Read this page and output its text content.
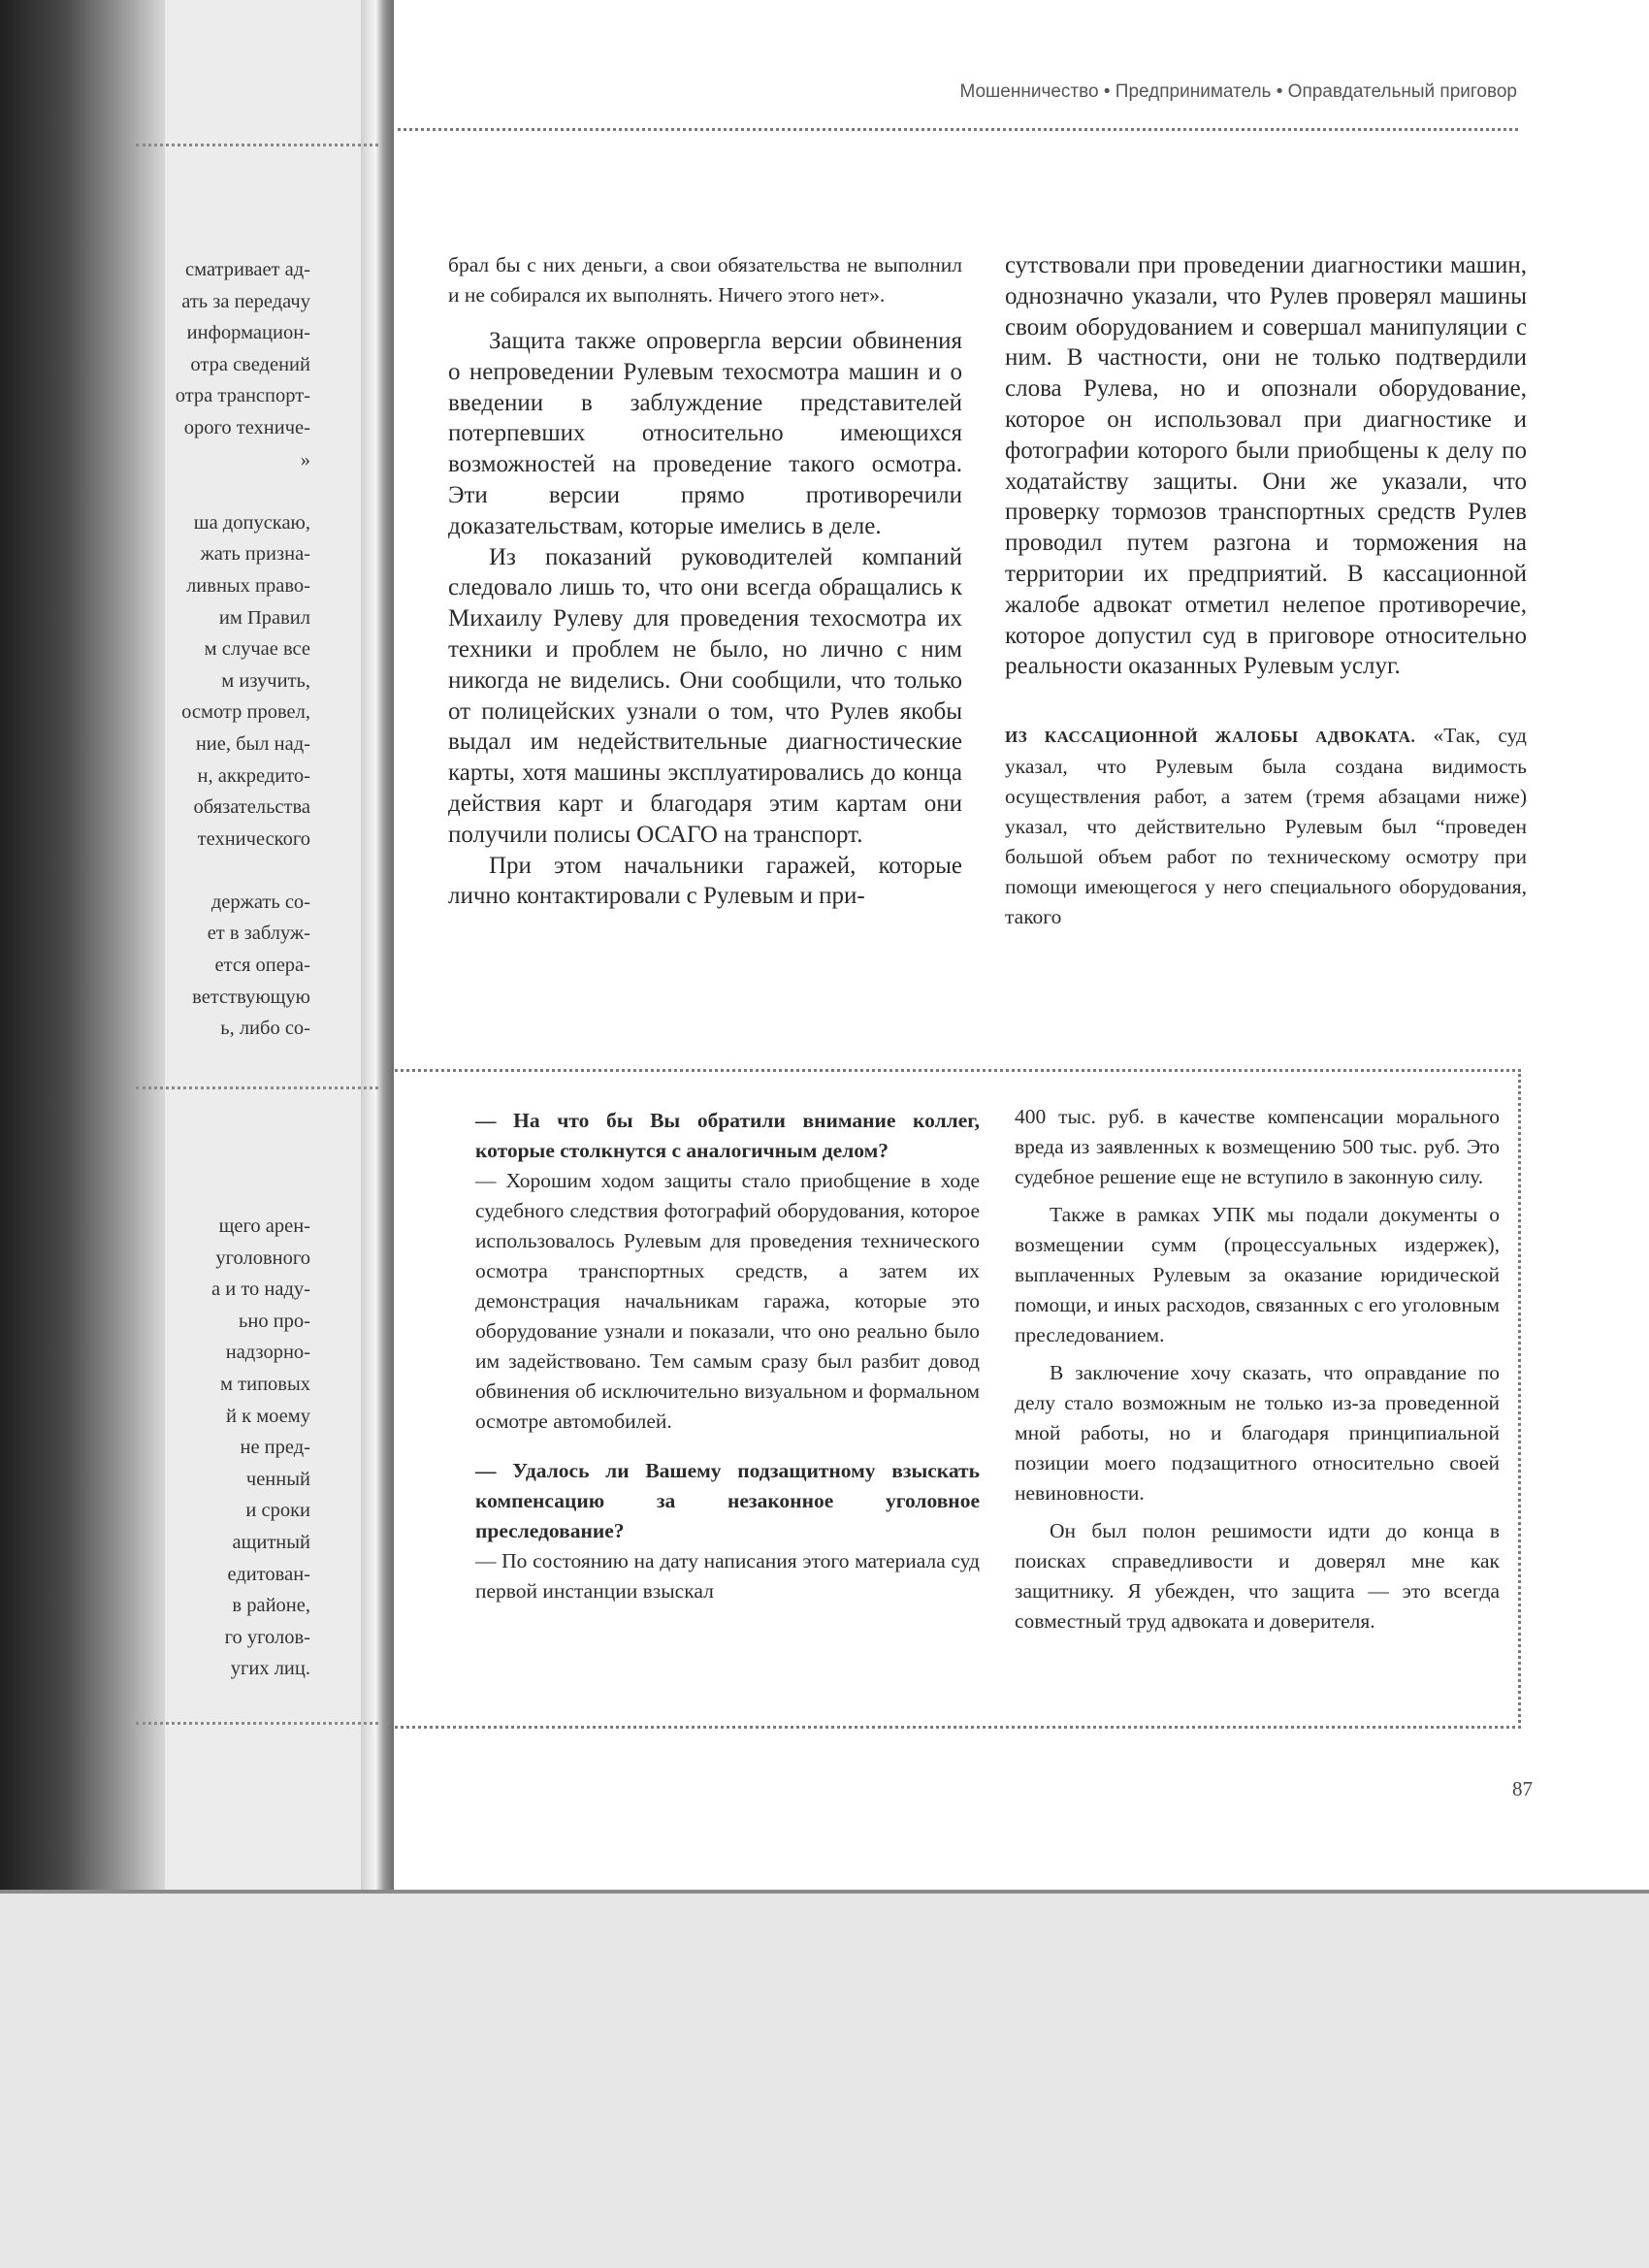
сматривает ад-
ать за передачу
информацион-
отра сведений
отра транспорт-
орого техниче-
»
ша допускаю,
жать призна-
ливных право-
им Правил
м случае все
м изучить,
осмотр провел,
ние, был над-
н, аккредито-
обязательства
технического
держать со-
ет в заблуж-
ется опера-
ветствующую
ь, либо со-
щего арен-
уголовного
а и то наду-
ьно про-
надзорно-
м типовых
й к моему
не пред-
ченный
и сроки
ащитный
едитован-
в районе,
го уголов-
угих лиц.
Мошенничество • Предприниматель • Оправдательный приговор

брал бы с них деньги, а свои обязательства не выполнил и не собирался их выполнять. Ничего этого нет».

Защита также опровергла версии обвинения о непроведении Рулевым техосмотра машин и о введении в заблуждение представителей потерпевших относительно имеющихся возможностей на проведение такого осмотра. Эти версии прямо противоречили доказательствам, которые имелись в деле.

Из показаний руководителей компаний следовало лишь то, что они всегда обращались к Михаилу Рулеву для проведения техосмотра их техники и проблем не было, но лично с ним никогда не виделись. Они сообщили, что только от полицейских узнали о том, что Рулев якобы выдал им недействительные диагностические карты, хотя машины эксплуатировались до конца действия карт и благодаря этим картам они получили полисы ОСАГО на транспорт.

При этом начальники гаражей, которые лично контактировали с Рулевым и при-

сутствовали при проведении диагностики машин, однозначно указали, что Рулев проверял машины своим оборудованием и совершал манипуляции с ним. В частности, они не только подтвердили слова Рулева, но и опознали оборудование, которое он использовал при диагностике и фотографии которого были приобщены к делу по ходатайству защиты. Они же указали, что проверку тормозов транспортных средств Рулев проводил путем разгона и торможения на территории их предприятий. В кассационной жалобе адвокат отметил нелепое противоречие, которое допустил суд в приговоре относительно реальности оказанных Рулевым услуг.

ИЗ КАССАЦИОННОЙ ЖАЛОБЫ АДВОКАТА. «Так, суд указал, что Рулевым была создана видимость осуществления работ, а затем (тремя абзацами ниже) указал, что действительно Рулевым был “проведен большой объем работ по техническому осмотру при помощи имеющегося у него специального оборудования, такого

— На что бы Вы обратили внимание коллег, которые столкнутся с аналогичным делом?

— Хорошим ходом защиты стало приобщение в ходе судебного следствия фотографий оборудования, которое использовалось Рулевым для проведения технического осмотра транспортных средств, а затем их демонстрация начальникам гаража, которые это оборудование узнали и показали, что оно реально было им задействовано. Тем самым сразу был разбит довод обвинения об исключительно визуальном и формальном осмотре автомобилей.

— Удалось ли Вашему подзащитному взыскать компенсацию за незаконное уголовное преследование?

— По состоянию на дату написания этого материала суд первой инстанции взыскал

400 тыс. руб. в качестве компенсации морального вреда из заявленных к возмещению 500 тыс. руб. Это судебное решение еще не вступило в законную силу.

Также в рамках УПК мы подали документы о возмещении сумм (процессуальных издержек), выплаченных Рулевым за оказание юридической помощи, и иных расходов, связанных с его уголовным преследованием.

В заключение хочу сказать, что оправдание по делу стало возможным не только из-за проведенной мной работы, но и благодаря принципиальной позиции моего подзащитного относительно своей невиновности.

Он был полон решимости идти до конца в поисках справедливости и доверял мне как защитнику. Я убежден, что защита — это всегда совместный труд адвоката и доверителя.

87
